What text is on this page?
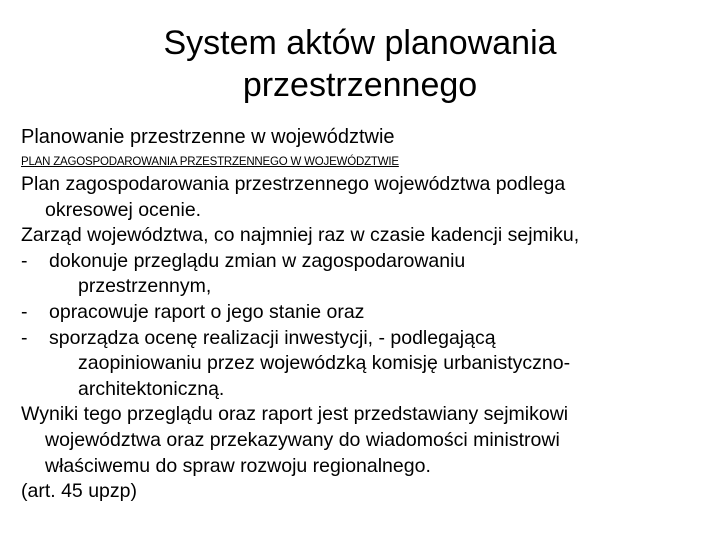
System aktów planowania
przestrzennego
Planowanie przestrzenne w województwie
PLAN ZAGOSPODAROWANIA PRZESTRZENNEGO W WOJEWÓDZTWIE
Plan zagospodarowania przestrzennego województwa podlega
okresowej ocenie.
Zarząd województwa, co najmniej raz w czasie kadencji sejmiku,
- dokonuje przeglądu zmian w zagospodarowaniu
przestrzennym,
- opracowuje raport o jego stanie oraz
- sporządza ocenę realizacji inwestycji, - podlegającą
zaopiniowaniu przez wojewódzką komisję urbanistyczno-
architektoniczną.
Wyniki tego przeglądu oraz raport jest przedstawiany sejmikowi
województwa oraz przekazywany do wiadomości ministrowi
właściwemu do spraw rozwoju regionalnego.
(art. 45 upzp)
